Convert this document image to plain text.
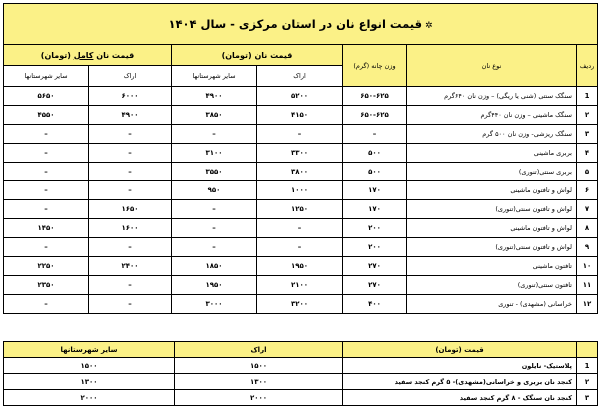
✲قیمت انواع نان در استان مرکزی - سال ۱۴۰۴						
ردیف	نوع نان	وزن چانه (گرم)	قیمت نان (تومان)		قیمت نان کامل (تومان)	
			اراک	سایر شهرستانها	اراک	سایر شهرستانها
1	سنگک سنتی (شنی یا ریگی) – وزن نان ۶۴۰گرم	۶۵۰-۶۲۵	۵۲۰۰	۴۹۰۰	۶۰۰۰	۵۶۵۰
۲	سنگک ماشینی – وزن نان ۴۴۰گرم	۶۵۰-۶۲۵	۴۱۵۰	۳۸۵۰	۴۹۰۰	۴۵۵۰
۳	سنگک ریزشی- وزن نان ۵۰۰ گرم	–	–	–	–	–
۴	بربری ماشینی	۵۰۰	۳۳۰۰	۳۱۰۰	–	–
۵	بربری سنتی(تنوری)	۵۰۰	۳۸۰۰	۳۵۵۰	–	–
۶	لواش و تافتون ماشینی	۱۷۰	۱۰۰۰	۹۵۰	–	–
۷	لواش و تافتون سنتی(تنوری)	۱۷۰	۱۲۵۰	–	۱۶۵۰	–
۸	لواش و تافتون ماشینی	۲۰۰	–	–	۱۶۰۰	۱۴۵۰
۹	لواش و تافتون سنتی(تنوری)	۲۰۰	–	–	–	–
۱۰	تافتون ماشینی	۲۷۰	۱۹۵۰	۱۸۵۰	۲۴۰۰	۲۲۵۰
۱۱	تافتون سنتی(تنوری)	۲۷۰	۲۱۰۰	۱۹۵۰	–	۲۳۵۰
۱۲	خراسانی (مشهدی) - تنوری	۴۰۰	۳۲۰۰	۳۰۰۰	–	–
	قیمت (تومان)	اراک	سایر شهرستانها
1	پلاستیک- نایلون	۱۵۰۰	۱۵۰۰
۲	کنجد نان بربری و خراسانی(مشهدی)- ۵ گرم کنجد سفید	۱۳۰۰	۱۳۰۰
۳	کنجد نان سنگک - ۸ گرم کنجد سفید	۲۰۰۰	۲۰۰۰
